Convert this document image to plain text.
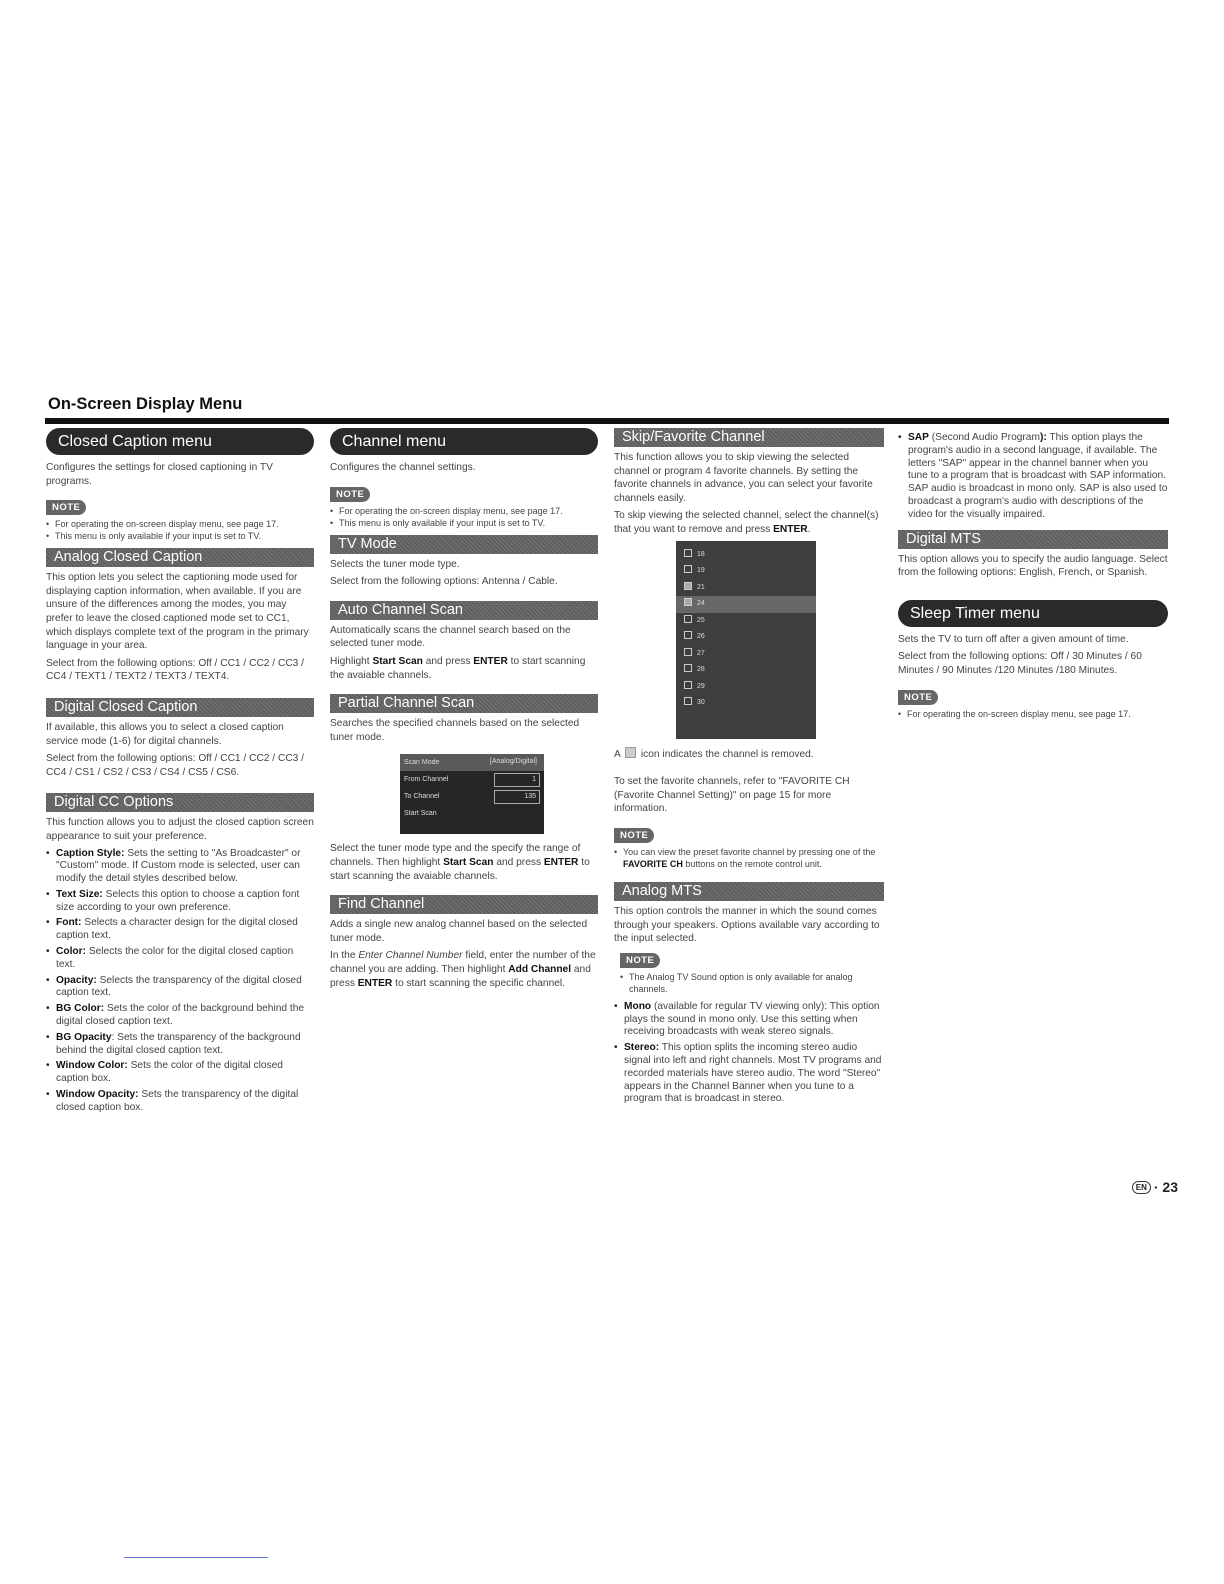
On-Screen Display Menu
Closed Caption menu

Configures the settings for closed captioning in TV programs.

NOTE
• For operating the on-screen display menu, see page 17.
• This menu is only available if your input is set to TV.
Analog Closed Caption

This option lets you select the captioning mode used for displaying caption information, when available. If you are unsure of the differences among the modes, you may prefer to leave the closed captioned mode set to CC1, which displays complete text of the program in the primary language in your area.

Select from the following options: Off / CC1 / CC2 / CC3 / CC4 / TEXT1 / TEXT2 / TEXT3 / TEXT4.

Digital Closed Caption

If available, this allows you to select a closed caption service mode (1-6) for digital channels.

Select from the following options: Off / CC1 / CC2 / CC3 / CC4 / CS1 / CS2 / CS3 / CS4 / CS5 / CS6.

Digital CC Options

This function allows you to adjust the closed caption screen appearance to suit your preference.

• Caption Style: Sets the setting to "As Broadcaster" or "Custom" mode. If Custom mode is selected, user can modify the detail styles described below.
• Text Size: Selects this option to choose a caption font size according to your own preference.
• Font: Selects a character design for the digital closed caption text.
• Color: Selects the color for the digital closed caption text.
• Opacity: Selects the transparency of the digital closed caption text.
• BG Color: Sets the color of the background behind the digital closed caption text.
• BG Opacity: Sets the transparency of the background behind the digital closed caption text.
• Window Color: Sets the color of the digital closed caption box.
• Window Opacity: Sets the transparency of the digital closed caption box.
Channel menu

Configures the channel settings.

NOTE
• For operating the on-screen display menu, see page 17.
• This menu is only available if your input is set to TV.
TV Mode

Selects the tuner mode type.

Select from the following options: Antenna / Cable.

Auto Channel Scan

Automatically scans the channel search based on the selected tuner mode.

Highlight Start Scan and press ENTER to start scanning the avaiable channels.

Partial Channel Scan

Searches the specified channels based on the selected tuner mode.

Scan Mode	[Analog/Digital]
From Channel	1
To Channel	135
Start Scan

Select the tuner mode type and the specify the range of channels. Then highlight Start Scan and press ENTER to start scanning the avaiable channels.

Find Channel

Adds a single new analog channel based on the selected tuner mode.

In the Enter Channel Number field, enter the number of the channel you are adding. Then highlight Add Channel and press ENTER to start scanning the specific channel.

Skip/Favorite Channel

This function allows you to skip viewing the selected channel or program 4 favorite channels. By setting the favorite channels in advance, you can select your favorite channels easily.

To skip viewing the selected channel, select the channel(s) that you want to remove and press ENTER.

18
19
21
24
25
26
27
28
29
30

A  icon indicates the channel is removed.

To set the favorite channels, refer to "FAVORITE CH (Favorite Channel Setting)" on page 15 for more information.

NOTE
• You can view the preset favorite channel by pressing one of the FAVORITE CH buttons on the remote control unit.
Analog MTS

This option controls the manner in which the sound comes through your speakers. Options available vary according to the input selected.

NOTE
• The Analog TV Sound option is only available for analog channels.
• Mono (available for regular TV viewing only): This option plays the sound in mono only. Use this setting when receiving broadcasts with weak stereo signals.
• Stereo: This option splits the incoming stereo audio signal into left and right channels. Most TV programs and recorded materials have stereo audio. The word "Stereo" appears in the Channel Banner when you tune to a program that is broadcast in stereo.
• SAP (Second Audio Program): This option plays the program's audio in a second language, if available. The letters "SAP" appear in the channel banner when you tune to a program that is broadcast with SAP information. SAP audio is broadcast in mono only. SAP is also used to broadcast a program's audio with descriptions of the video for the visually impaired.
Digital MTS

This option allows you to specify the audio language. Select from the following options: English, French, or Spanish.

Sleep Timer menu

Sets the TV to turn off after a given amount of time.

Select from the following options: Off / 30 Minutes / 60 Minutes / 90 Minutes /120 Minutes /180 Minutes.

NOTE
• For operating the on-screen display menu, see page 17.
EN · 23
